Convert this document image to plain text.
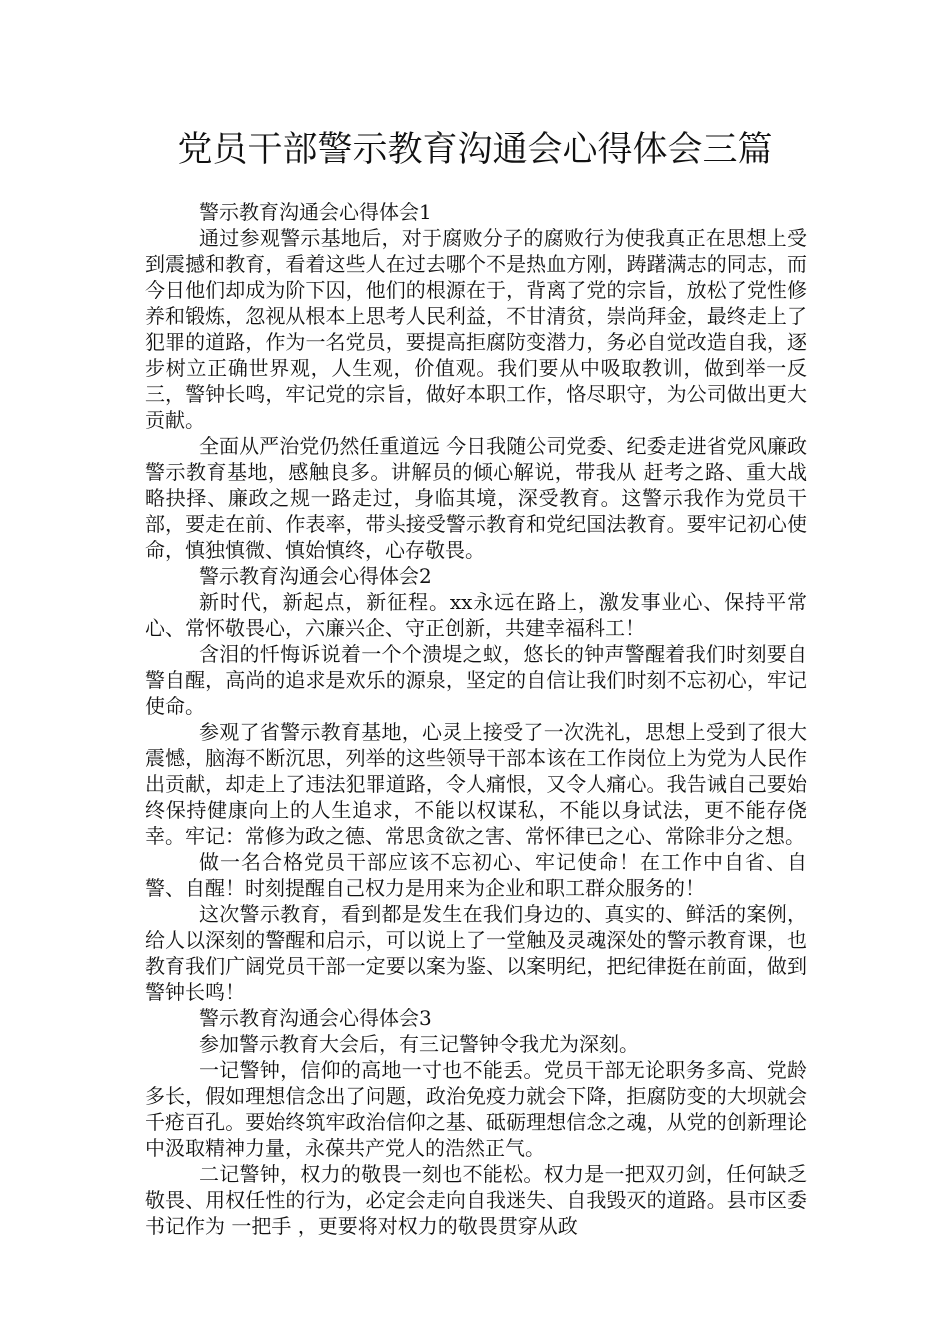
党员干部警示教育沟通会心得体会三篇

警示教育沟通会心得体会1

通过参观警示基地后，对于腐败分子的腐败行为使我真正在思想上受到震撼和教育，看着这些人在过去哪个不是热血方刚，踌躇满志的同志，而今日他们却成为阶下囚，他们的根源在于，背离了党的宗旨，放松了党性修养和锻炼，忽视从根本上思考人民利益，不甘清贫，崇尚拜金，最终走上了犯罪的道路，作为一名党员，要提高拒腐防变潜力，务必自觉改造自我，逐步树立正确世界观，人生观，价值观。我们要从中吸取教训，做到举一反三，警钟长鸣，牢记党的宗旨，做好本职工作，恪尽职守，为公司做出更大贡献。

全面从严治党仍然任重道远 今日我随公司党委、纪委走进省党风廉政警示教育基地，感触良多。讲解员的倾心解说，带我从 赶考之路、重大战略抉择、廉政之规一路走过，身临其境，深受教育。这警示我作为党员干部，要走在前、作表率，带头接受警示教育和党纪国法教育。要牢记初心使命，慎独慎微、慎始慎终，心存敬畏。

警示教育沟通会心得体会2

新时代，新起点，新征程。xx永远在路上，激发事业心、保持平常心、常怀敬畏心，六廉兴企、守正创新，共建幸福科工！

含泪的忏悔诉说着一个个溃堤之蚁，悠长的钟声警醒着我们时刻要自警自醒，高尚的追求是欢乐的源泉，坚定的自信让我们时刻不忘初心，牢记使命。

参观了省警示教育基地，心灵上接受了一次洗礼，思想上受到了很大震憾，脑海不断沉思，列举的这些领导干部本该在工作岗位上为党为人民作出贡献，却走上了违法犯罪道路，令人痛恨，又令人痛心。我告诫自己要始终保持健康向上的人生追求，不能以权谋私，不能以身试法，更不能存侥幸。牢记：常修为政之德、常思贪欲之害、常怀律已之心、常除非分之想。

做一名合格党员干部应该不忘初心、牢记使命！在工作中自省、自警、自醒！时刻提醒自己权力是用来为企业和职工群众服务的！

这次警示教育，看到都是发生在我们身边的、真实的、鲜活的案例，给人以深刻的警醒和启示，可以说上了一堂触及灵魂深处的警示教育课，也教育我们广阔党员干部一定要以案为鉴、以案明纪，把纪律挺在前面，做到警钟长鸣！

警示教育沟通会心得体会3

参加警示教育大会后，有三记警钟令我尤为深刻。

一记警钟，信仰的高地一寸也不能丢。党员干部无论职务多高、党龄多长，假如理想信念出了问题，政治免疫力就会下降，拒腐防变的大坝就会千疮百孔。要始终筑牢政治信仰之基、砥砺理想信念之魂，从党的创新理论中汲取精神力量，永葆共产党人的浩然正气。

二记警钟，权力的敬畏一刻也不能松。权力是一把双刃剑，任何缺乏敬畏、用权任性的行为，必定会走向自我迷失、自我毁灭的道路。县市区委书记作为 一把手 ，更要将对权力的敬畏贯穿从政
